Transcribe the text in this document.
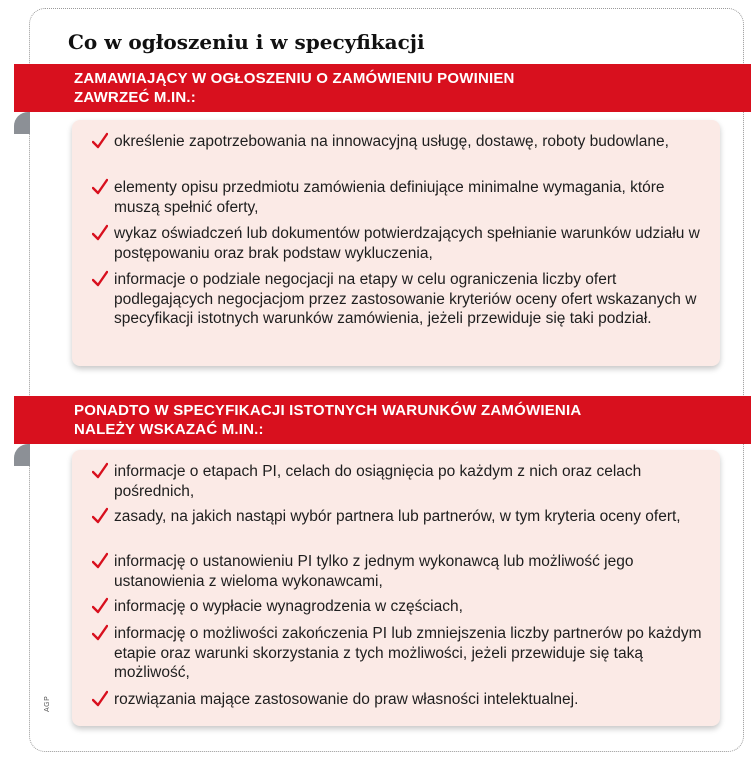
Co w ogłoszeniu i w specyfikacji
ZAMAWIAJĄCY W OGŁOSZENIU O ZAMÓWIENIU POWINIEN
ZAWRZEĆ M.IN.:
określenie zapotrzebowania na innowacyjną usługę, dostawę, roboty budowlane,
elementy opisu przedmiotu zamówienia definiujące minimalne wymagania, które muszą spełnić oferty,
wykaz oświadczeń lub dokumentów potwierdzających spełnianie warunków udziału w postępowaniu oraz brak podstaw wykluczenia,
informacje o podziale negocjacji na etapy w celu ograniczenia liczby ofert podlegających negocjacjom przez zastosowanie kryteriów oceny ofert wskazanych w specyfikacji istotnych warunków zamówienia, jeżeli przewiduje się taki podział.
PONADTO W SPECYFIKACJI ISTOTNYCH WARUNKÓW ZAMÓWIENIA
NALEŻY WSKAZAĆ M.IN.:
informacje o etapach PI, celach do osiągnięcia po każdym z nich oraz celach pośrednich,
zasady, na jakich nastąpi wybór partnera lub partnerów, w tym kryteria oceny ofert,
informację o ustanowieniu PI tylko z jednym wykonawcą lub możliwość jego ustanowienia z wieloma wykonawcami,
informację o wypłacie wynagrodzenia w częściach,
informację o możliwości zakończenia PI lub zmniejszenia liczby partnerów po każdym etapie oraz warunki skorzystania z tych możliwości, jeżeli przewiduje się taką możliwość,
rozwiązania mające zastosowanie do praw własności intelektualnej.
AGP
